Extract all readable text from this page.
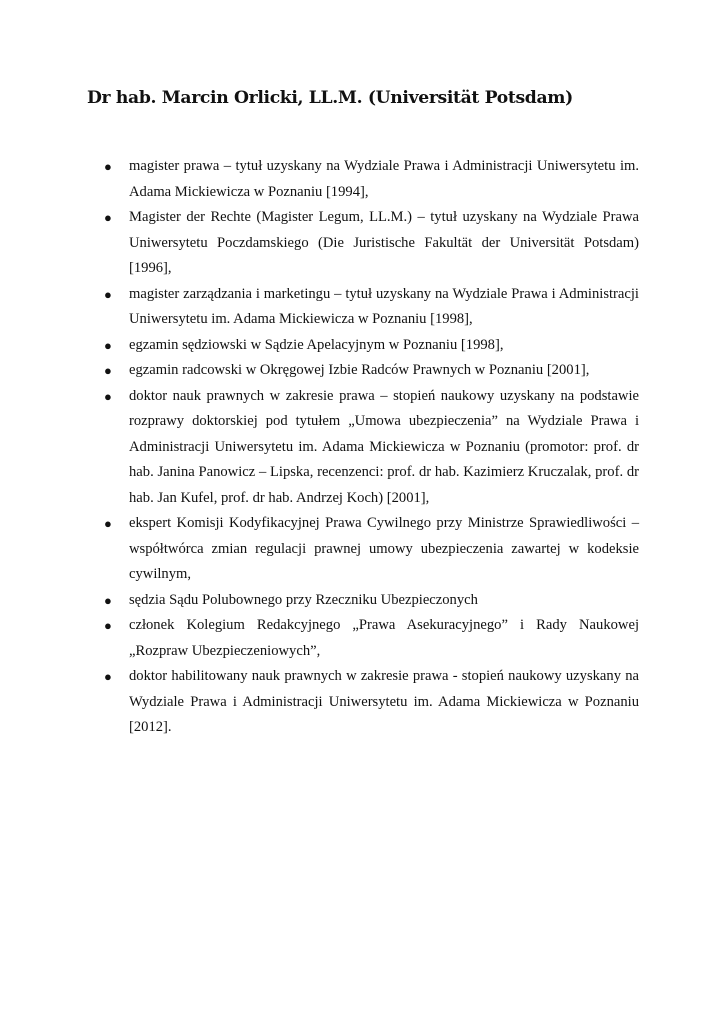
Dr hab. Marcin Orlicki, LL.M. (Universität Potsdam)
●	magister prawa – tytuł uzyskany na Wydziale Prawa i Administracji Uniwersytetu im. Adama Mickiewicza w Poznaniu [1994],
●	Magister der Rechte (Magister Legum, LL.M.) – tytuł uzyskany na Wydziale Prawa Uniwersytetu Poczdamskiego (Die Juristische Fakultät der Universität Potsdam) [1996],
●	magister zarządzania i marketingu – tytuł uzyskany na Wydziale Prawa i Administracji Uniwersytetu im. Adama Mickiewicza w Poznaniu [1998],
●	egzamin sędziowski w Sądzie Apelacyjnym w Poznaniu [1998],
●	egzamin radcowski w Okręgowej Izbie Radców Prawnych w Poznaniu [2001],
●	doktor nauk prawnych w zakresie prawa – stopień naukowy uzyskany na podstawie rozprawy doktorskiej pod tytułem „Umowa ubezpieczenia” na Wydziale Prawa i Administracji Uniwersytetu im. Adama Mickiewicza w Poznaniu (promotor: prof. dr hab. Janina Panowicz – Lipska, recenzenci: prof. dr hab. Kazimierz Kruczalak, prof. dr hab. Jan Kufel, prof. dr hab. Andrzej Koch) [2001],
●	ekspert Komisji Kodyfikacyjnej Prawa Cywilnego przy Ministrze Sprawiedliwości – współtwórca zmian regulacji prawnej umowy ubezpieczenia zawartej w kodeksie cywilnym,
●	sędzia Sądu Polubownego przy Rzeczniku Ubezpieczonych
●	członek Kolegium Redakcyjnego „Prawa Asekuracyjnego” i Rady Naukowej „Rozpraw Ubezpieczeniowych”,
●	doktor habilitowany nauk prawnych w zakresie prawa - stopień naukowy uzyskany na Wydziale Prawa i Administracji Uniwersytetu im. Adama Mickiewicza w Poznaniu [2012].
